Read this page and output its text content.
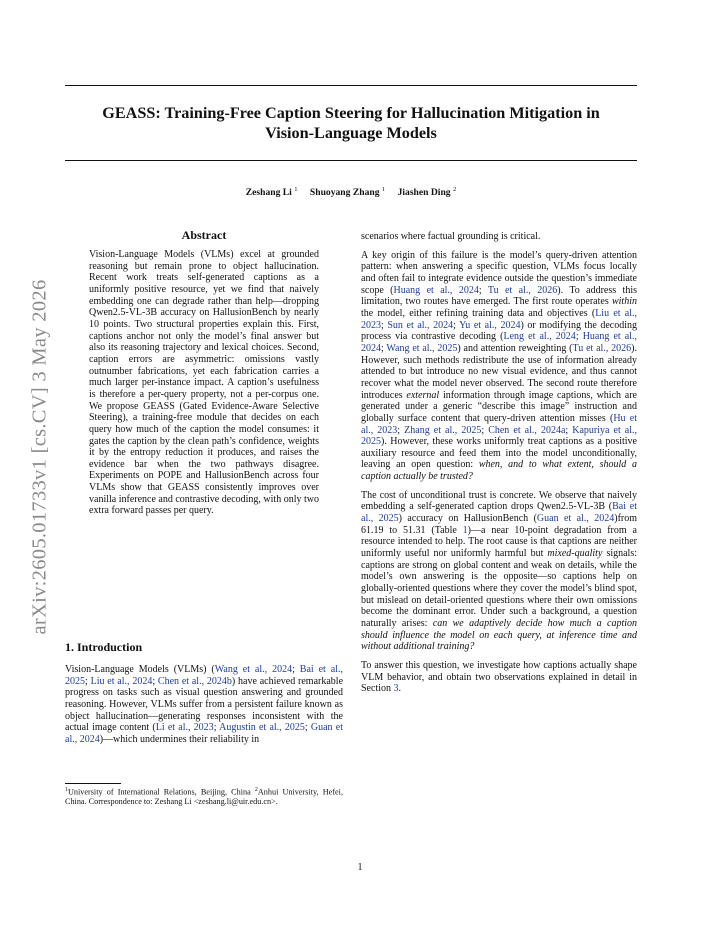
arXiv:2605.01733v1 [cs.CV] 3 May 2026
GEASS: Training-Free Caption Steering for Hallucination Mitigation in
Vision-Language Models
Zeshang Li $^1$ Shuoyang Zhang $^1$ Jiashen Ding $^2$
Abstract

Vision-Language Models (VLMs) excel at grounded reasoning but remain prone to object hallucination. Recent work treats self-generated captions as a uniformly positive resource, yet we find that naively embedding one can degrade rather than help—dropping Qwen2.5-VL-3B accuracy on HallusionBench by nearly 10 points. Two structural properties explain this. First, captions anchor not only the model’s final answer but also its reasoning trajectory and lexical choices. Second, caption errors are asymmetric: omissions vastly outnumber fabrications, yet each fabrication carries a much larger per-instance impact. A caption’s usefulness is therefore a per-query property, not a per-corpus one. We propose GEASS (Gated Evidence-Aware Selective Steering), a training-free module that decides on each query how much of the caption the model consumes: it gates the caption by the clean path’s confidence, weights it by the entropy reduction it produces, and raises the evidence bar when the two pathways disagree. Experiments on POPE and HallusionBench across four VLMs show that GEASS consistently improves over vanilla inference and contrastive decoding, with only two extra forward passes per query.

1. Introduction

Vision-Language Models (VLMs) (Wang et al., 2024; Bai et al., 2025; Liu et al., 2024; Chen et al., 2024b) have achieved remarkable progress on tasks such as visual question answering and grounded reasoning. However, VLMs suffer from a persistent failure known as object hallucination—generating responses inconsistent with the actual image content (Li et al., 2023; Augustin et al., 2025; Guan et al., 2024)—which undermines their reliability in

$^1$University of International Relations, Beijing, China $^2$Anhui University, Hefei, China. Correspondence to: Zeshang Li <zeshang.li@uir.edu.cn>.

scenarios where factual grounding is critical.

A key origin of this failure is the model’s query-driven attention pattern: when answering a specific question, VLMs focus locally and often fail to integrate evidence outside the question’s immediate scope (Huang et al., 2024; Tu et al., 2026). To address this limitation, two routes have emerged. The first route operates within the model, either refining training data and objectives (Liu et al., 2023; Sun et al., 2024; Yu et al., 2024) or modifying the decoding process via contrastive decoding (Leng et al., 2024; Huang et al., 2024; Wang et al., 2025) and attention reweighting (Tu et al., 2026). However, such methods redistribute the use of information already attended to but introduce no new visual evidence, and thus cannot recover what the model never observed. The second route therefore introduces external information through image captions, which are generated under a generic “describe this image” instruction and globally surface content that query-driven attention misses (Hu et al., 2023; Zhang et al., 2025; Chen et al., 2024a; Kapuriya et al., 2025). However, these works uniformly treat captions as a positive auxiliary resource and feed them into the model unconditionally, leaving an open question: when, and to what extent, should a caption actually be trusted?

The cost of unconditional trust is concrete. We observe that naively embedding a self-generated caption drops Qwen2.5-VL-3B (Bai et al., 2025) accuracy on HallusionBench (Guan et al., 2024)from 61.19 to 51.31 (Table 1)—a near 10-point degradation from a resource intended to help. The root cause is that captions are neither uniformly useful nor uniformly harmful but mixed-quality signals: captions are strong on global content and weak on details, while the model’s own answering is the opposite—so captions help on globally-oriented questions where they cover the model’s blind spot, but mislead on detail-oriented questions where their own omissions become the dominant error. Under such a background, a question naturally arises: can we adaptively decide how much a caption should influence the model on each query, at inference time and without additional training?

To answer this question, we investigate how captions actually shape VLM behavior, and obtain two observations explained in detail in Section 3.

1
